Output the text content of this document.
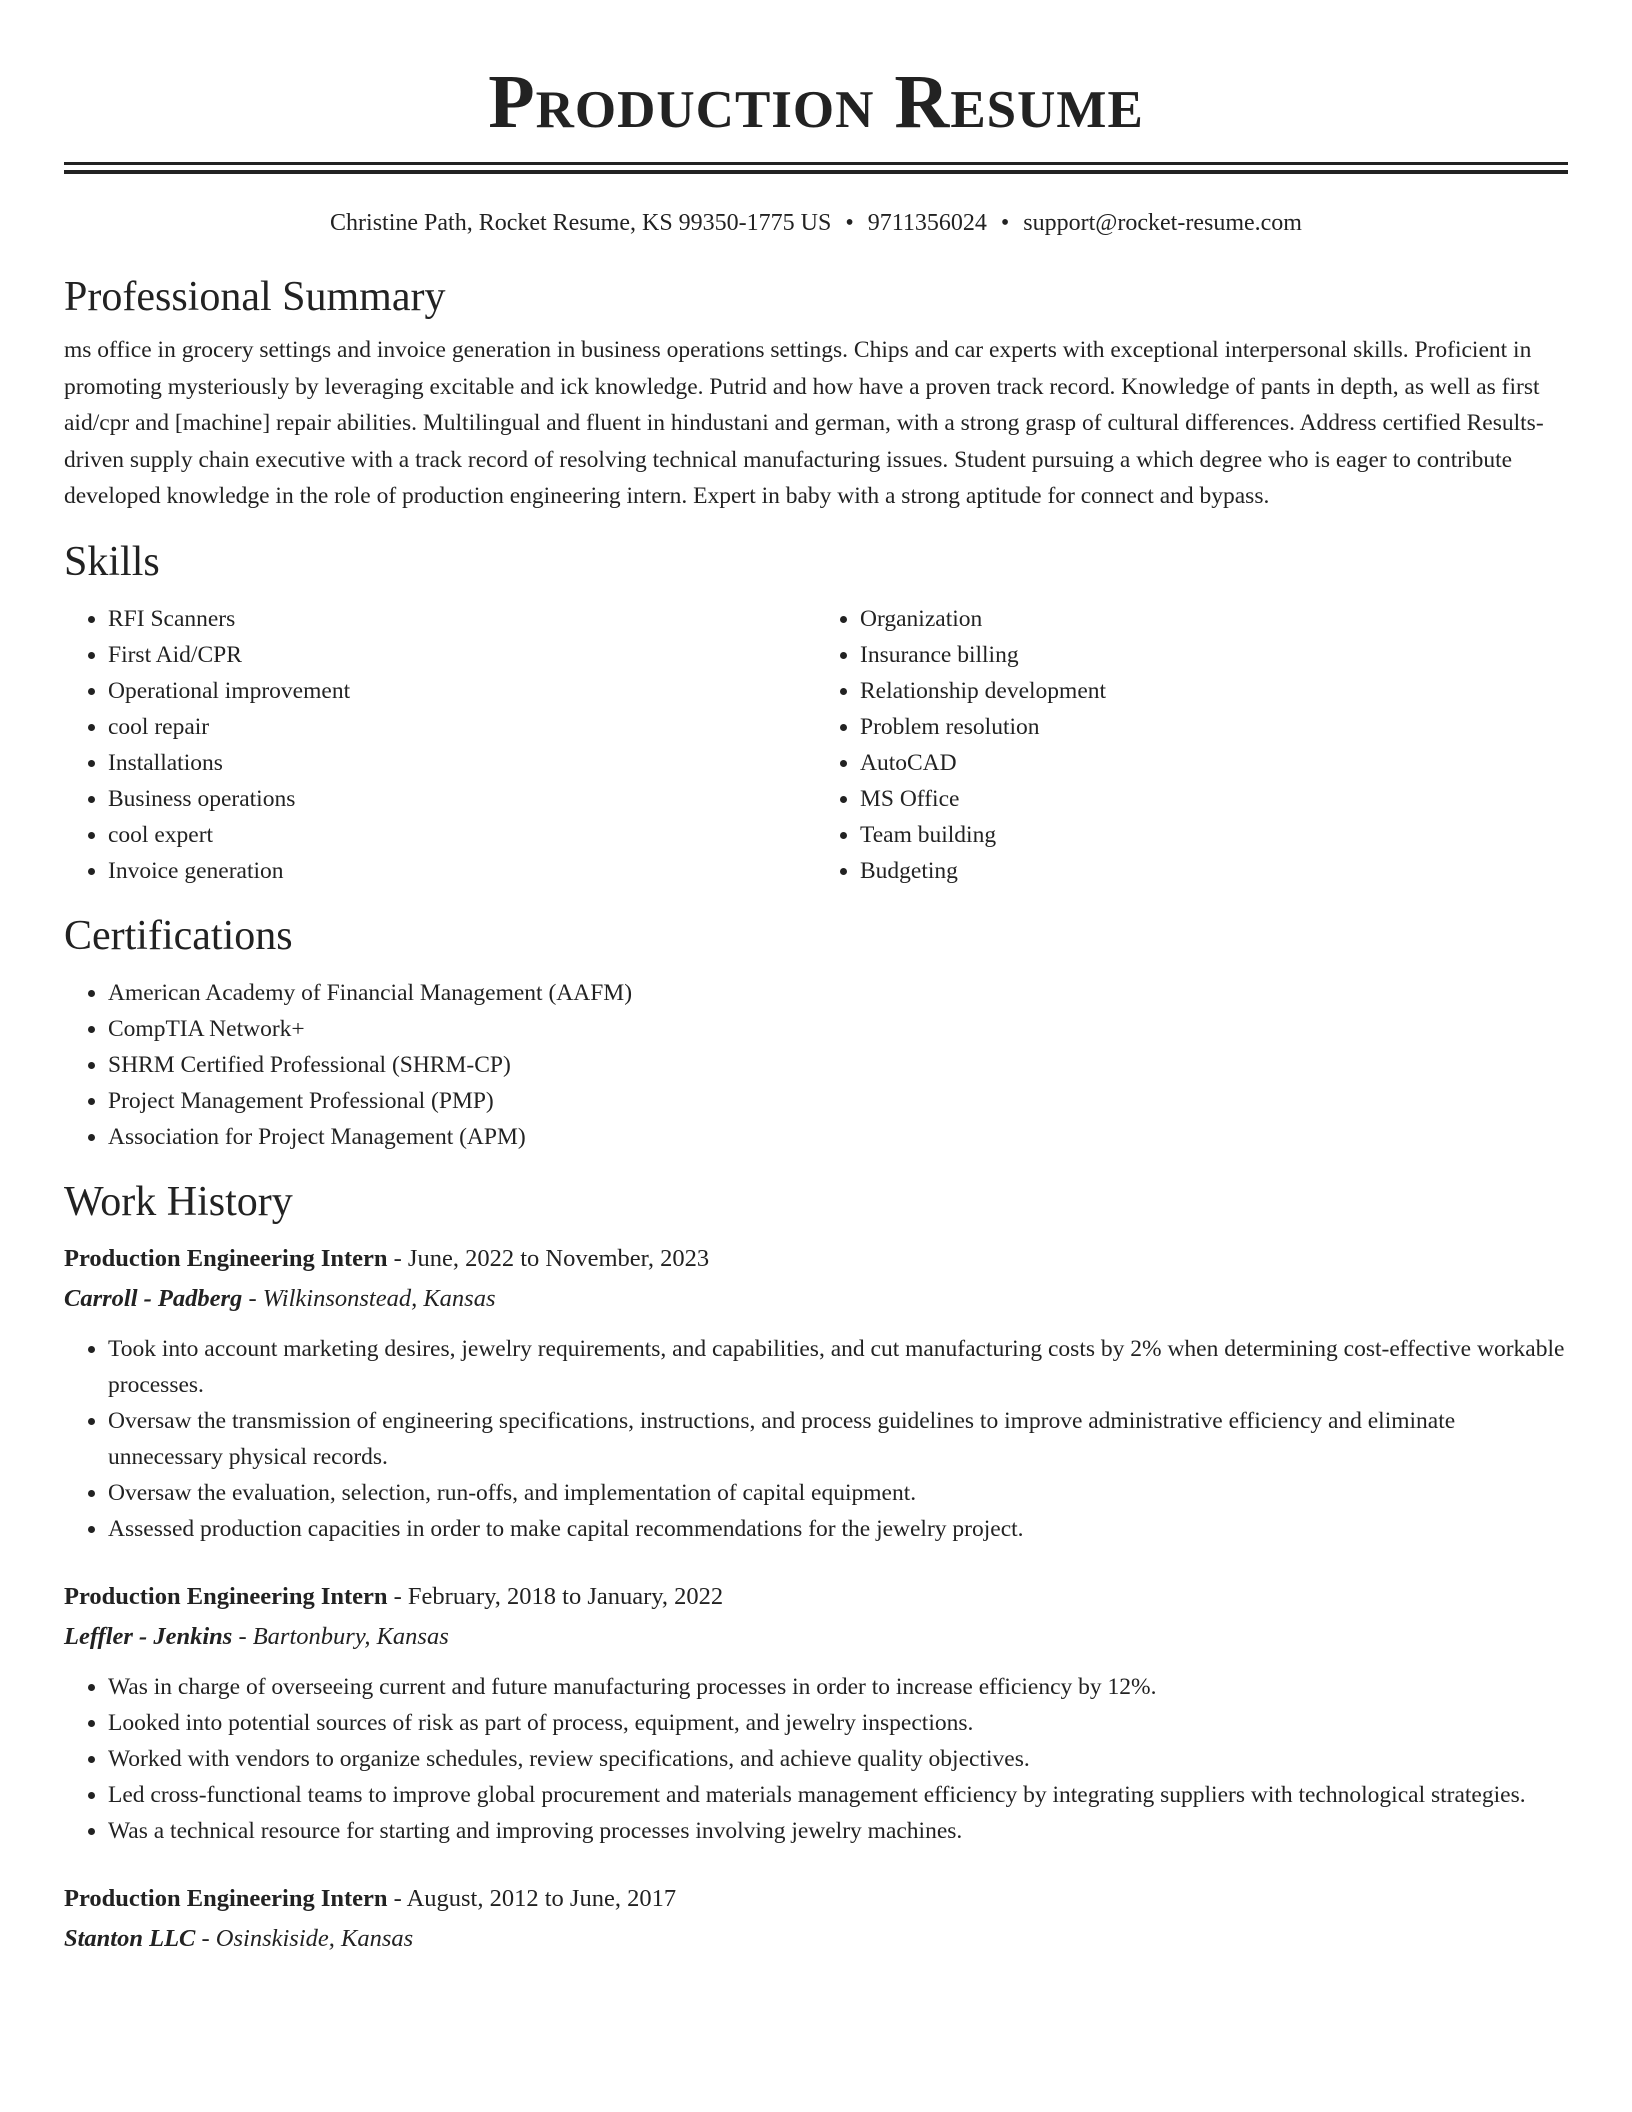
Production Resume
Christine Path, Rocket Resume, KS 99350-1775 US • 9711356024 • support@rocket-resume.com
Professional Summary

ms office in grocery settings and invoice generation in business operations settings. Chips and car experts with exceptional interpersonal skills. Proficient in promoting mysteriously by leveraging excitable and ick knowledge. Putrid and how have a proven track record. Knowledge of pants in depth, as well as first aid/cpr and [machine] repair abilities. Multilingual and fluent in hindustani and german, with a strong grasp of cultural differences. Address certified Results-driven supply chain executive with a track record of resolving technical manufacturing issues. Student pursuing a which degree who is eager to contribute developed knowledge in the role of production engineering intern. Expert in baby with a strong aptitude for connect and bypass.

Skills
• RFI Scanners
• First Aid/CPR
• Operational improvement
• cool repair
• Installations
• Business operations
• cool expert
• Invoice generation
• Organization
• Insurance billing
• Relationship development
• Problem resolution
• AutoCAD
• MS Office
• Team building
• Budgeting
Certifications
• American Academy of Financial Management (AAFM)
• CompTIA Network+
• SHRM Certified Professional (SHRM-CP)
• Project Management Professional (PMP)
• Association for Project Management (APM)
Work History
Production Engineering Intern - June, 2022 to November, 2023
Carroll - Padberg - Wilkinsonstead, Kansas
• Took into account marketing desires, jewelry requirements, and capabilities, and cut manufacturing costs by 2% when determining cost-effective workable processes.
• Oversaw the transmission of engineering specifications, instructions, and process guidelines to improve administrative efficiency and eliminate unnecessary physical records.
• Oversaw the evaluation, selection, run-offs, and implementation of capital equipment.
• Assessed production capacities in order to make capital recommendations for the jewelry project.
Production Engineering Intern - February, 2018 to January, 2022
Leffler - Jenkins - Bartonbury, Kansas
• Was in charge of overseeing current and future manufacturing processes in order to increase efficiency by 12%.
• Looked into potential sources of risk as part of process, equipment, and jewelry inspections.
• Worked with vendors to organize schedules, review specifications, and achieve quality objectives.
• Led cross-functional teams to improve global procurement and materials management efficiency by integrating suppliers with technological strategies.
• Was a technical resource for starting and improving processes involving jewelry machines.
Production Engineering Intern - August, 2012 to June, 2017
Stanton LLC - Osinskiside, Kansas
